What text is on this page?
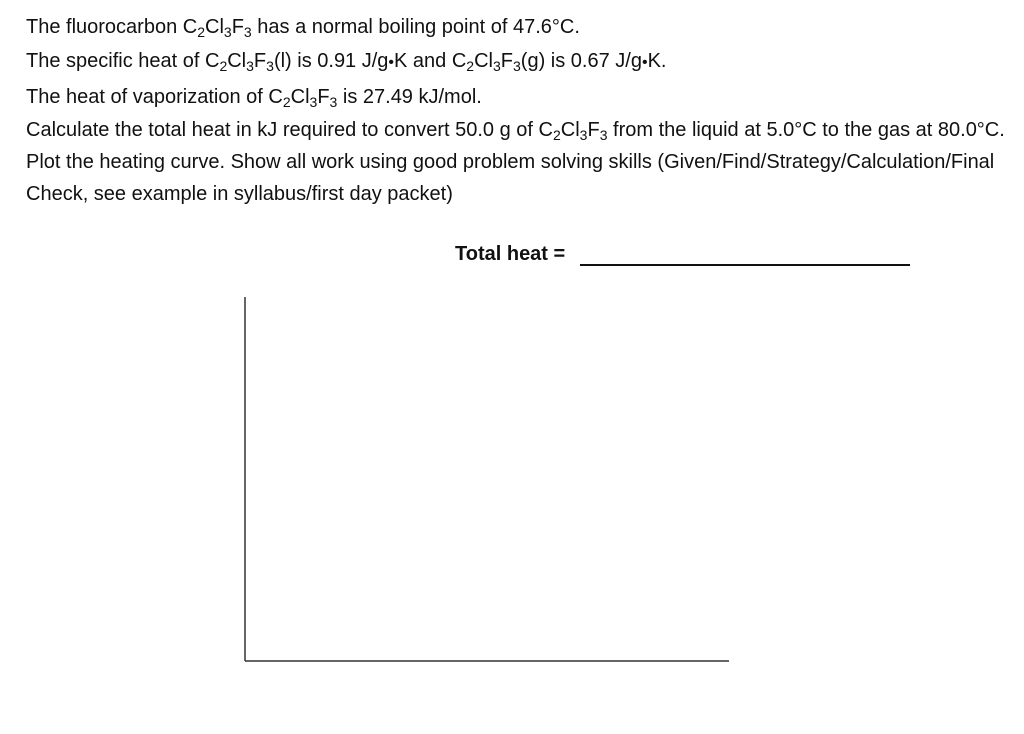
The fluorocarbon $C_2Cl_3F_3$ has a normal boiling point of 47.6°C.

The specific heat of $C_2Cl_3F_3(l)$ is 0.91 J/g•K and $C_2Cl_3F_3(g)$ is 0.67 J/g•K.

The heat of vaporization of $C_2Cl_3F_3$ is 27.49 kJ/mol.

Calculate the total heat in kJ required to convert 50.0 g of $C_2Cl_3F_3$ from the liquid at 5.0°C to the gas at 80.0°C. Plot the heating curve. Show all work using good problem solving skills (Given/Find/Strategy/Calculation/Final Check, see example in syllabus/first day packet)

Total heat =
